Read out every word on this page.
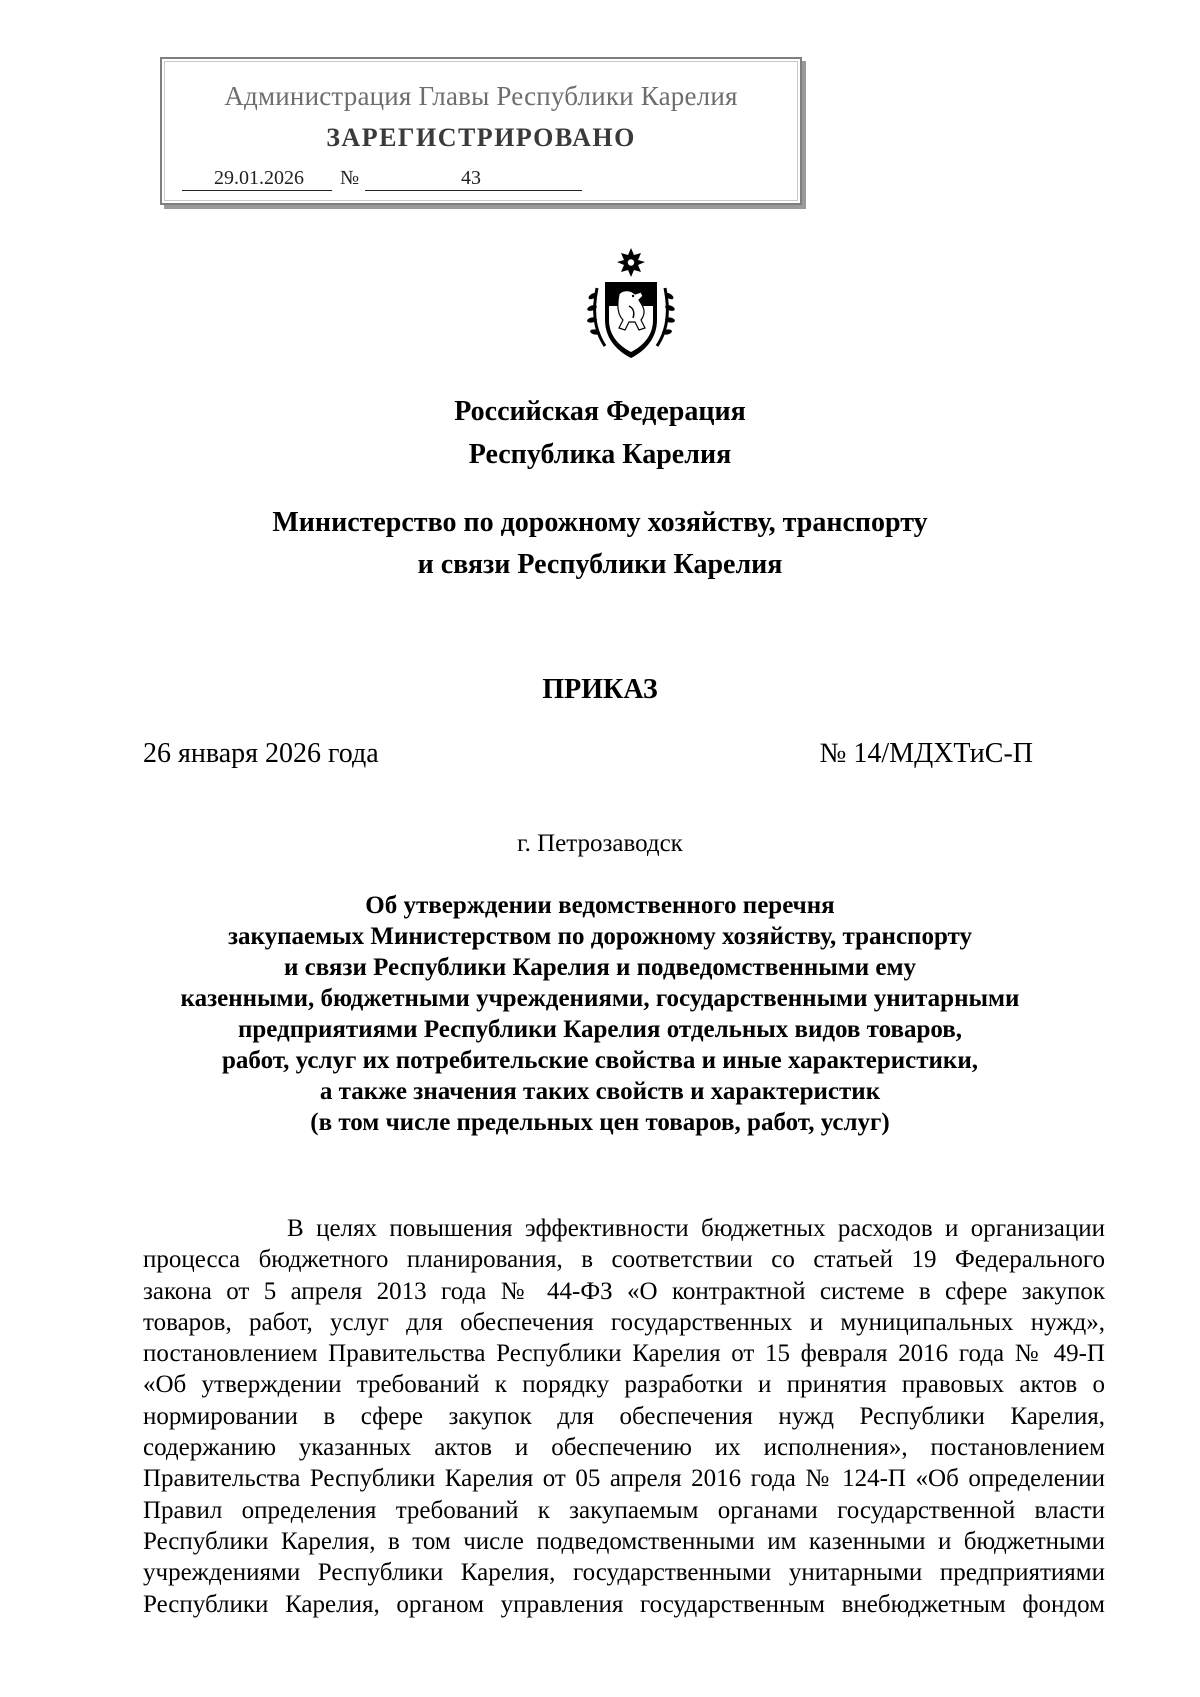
Администрация Главы Республики Карелия
ЗАРЕГИСТРИРОВАНО
29.01.2026 №	43
Российская Федерация
Республика Карелия
Министерство по дорожному хозяйству, транспорту
и связи Республики Карелия
ПРИКАЗ
26 января 2026 года	№ 14/МДХТиС-П
г. Петрозаводск
Об утверждении ведомственного перечня
закупаемых Министерством по дорожному хозяйству, транспорту
и связи Республики Карелия и подведомственными ему
казенными, бюджетными учреждениями, государственными унитарными
предприятиями Республики Карелия отдельных видов товаров,
работ, услуг их потребительские свойства и иные характеристики,
а также значения таких свойств и характеристик
(в том числе предельных цен товаров, работ, услуг)
В целях повышения эффективности бюджетных расходов и организации
процесса бюджетного планирования, в соответствии со статьей 19 Федерального
закона от 5 апреля 2013 года № 44-ФЗ «О контрактной системе в сфере закупок
товаров, работ, услуг для обеспечения государственных и муниципальных нужд»,
постановлением Правительства Республики Карелия от 15 февраля 2016 года № 49-П
«Об утверждении требований к порядку разработки и принятия правовых актов о
нормировании в сфере закупок для обеспечения нужд Республики Карелия,
содержанию указанных актов и обеспечению их исполнения», постановлением
Правительства Республики Карелия от 05 апреля 2016 года № 124-П «Об определении
Правил определения требований к закупаемым органами государственной власти
Республики Карелия, в том числе подведомственными им казенными и бюджетными
учреждениями Республики Карелия, государственными унитарными предприятиями
Республики Карелия, органом управления государственным внебюджетным фондом
